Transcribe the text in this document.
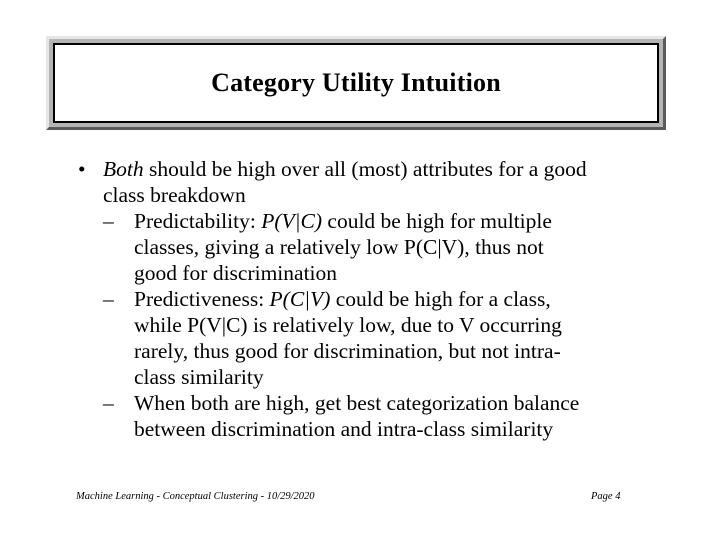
Category Utility Intuition
• Both should be high over all (most) attributes for a good
class breakdown
– Predictability: P(V|C) could be high for multiple
classes, giving a relatively low P(C|V), thus not
good for discrimination
– Predictiveness: P(C|V) could be high for a class,
while P(V|C) is relatively low, due to V occurring
rarely, thus good for discrimination, but not intra-
class similarity
– When both are high, get best categorization balance
between discrimination and intra-class similarity
Machine Learning - Conceptual Clustering - 10/29/2020	Page 4
